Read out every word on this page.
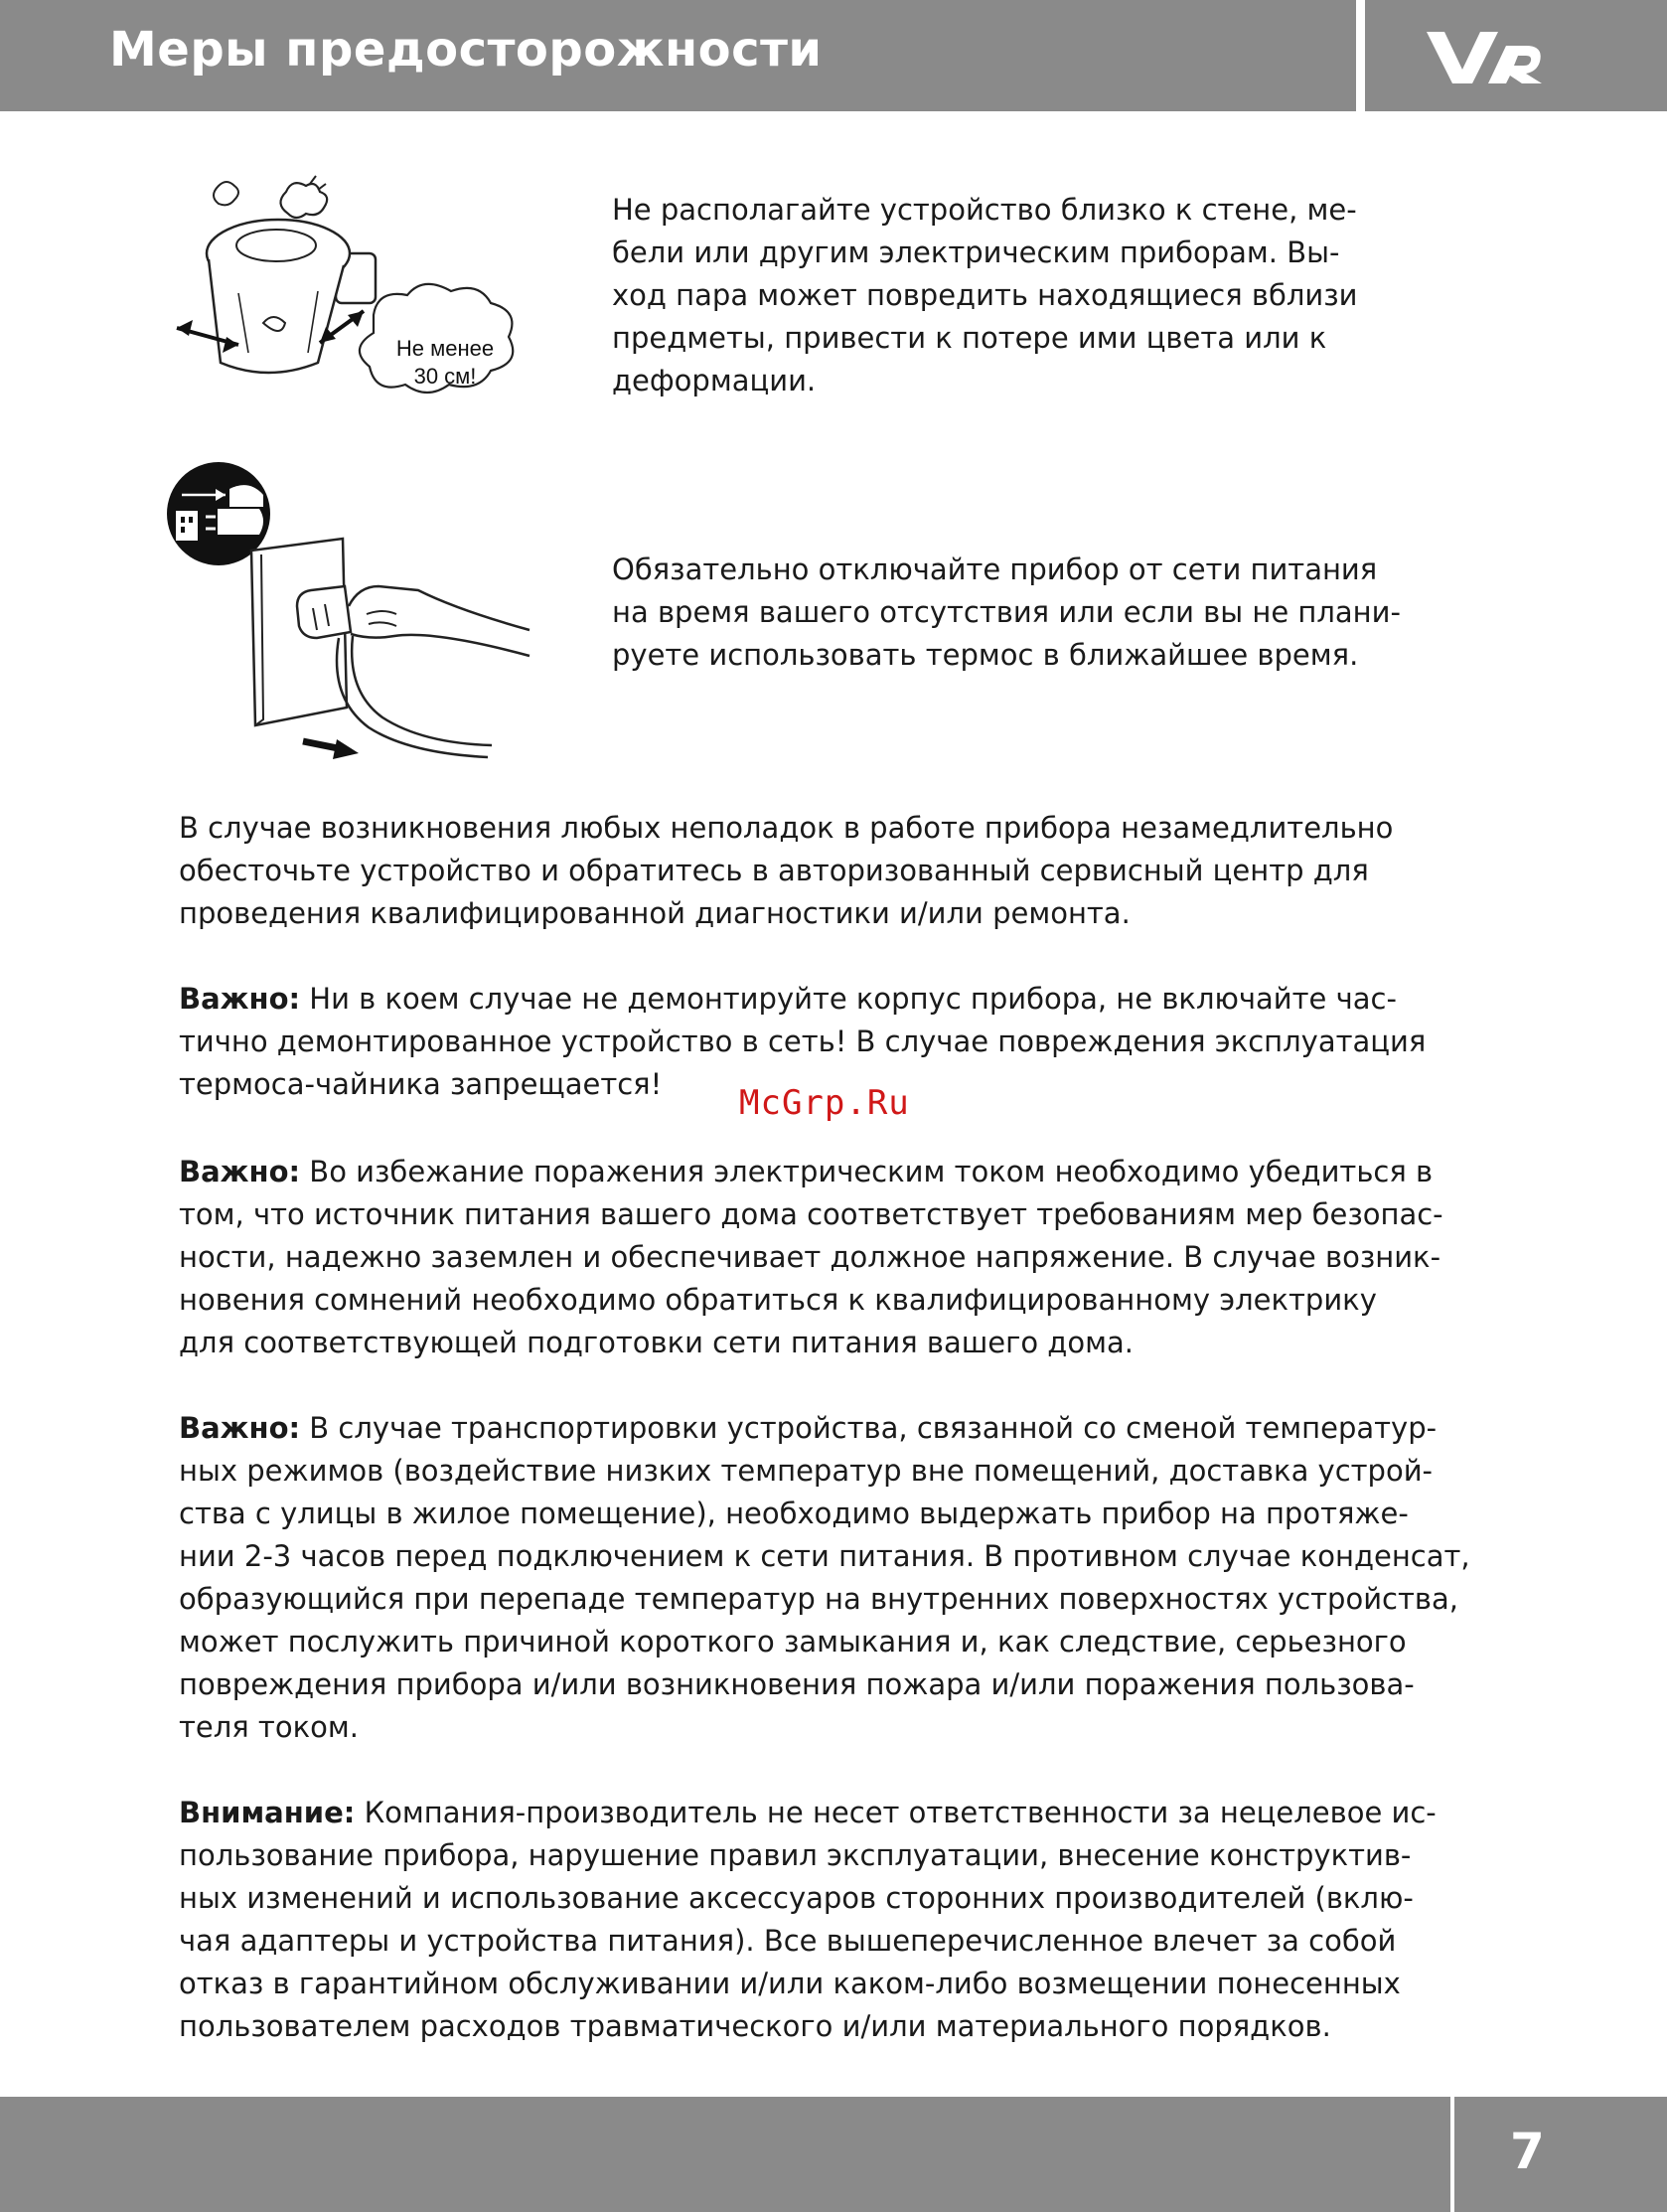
Меры предосторожности
Не менее
30 см!
Не располагайте устройство близко к стене, ме-
бели или другим электрическим приборам. Вы-
ход пара может повредить находящиеся вблизи
предметы, привести к потере ими цвета или к
деформации.
Обязательно отключайте прибор от сети питания
на время вашего отсутствия или если вы не плани-
руете использовать термос в ближайшее время.
В случае возникновения любых неполадок в работе прибора незамедлительно
обесточьте устройство и обратитесь в авторизованный сервисный центр для
проведения квалифицированной диагностики и/или ремонта.
Важно: Ни в коем случае не демонтируйте корпус прибора, не включайте час-
тично демонтированное устройство в сеть! В случае повреждения эксплуатация
термоса-чайника запрещается!	McGrp.Ru
Важно: Во избежание поражения электрическим током необходимо убедиться в
том, что источник питания вашего дома соответствует требованиям мер безопас-
ности, надежно заземлен и обеспечивает должное напряжение. В случае возник-
новения сомнений необходимо обратиться к квалифицированному электрику
для соответствующей подготовки сети питания вашего дома.
Важно: В случае транспортировки устройства, связанной со сменой температур-
ных режимов (воздействие низких температур вне помещений, доставка устрой-
ства с улицы в жилое помещение), необходимо выдержать прибор на протяже-
нии 2-3 часов перед подключением к сети питания. В противном случае конденсат,
образующийся при перепаде температур на внутренних поверхностях устройства,
может послужить причиной короткого замыкания и, как следствие, серьезного
повреждения прибора и/или возникновения пожара и/или поражения пользова-
теля током.
Внимание: Компания-производитель не несет ответственности за нецелевое ис-
пользование прибора, нарушение правил эксплуатации, внесение конструктив-
ных изменений и использование аксессуаров сторонних производителей (вклю-
чая адаптеры и устройства питания). Все вышеперечисленное влечет за собой
отказ в гарантийном обслуживании и/или каком-либо возмещении понесенных
пользователем расходов травматического и/или материального порядков.
7
